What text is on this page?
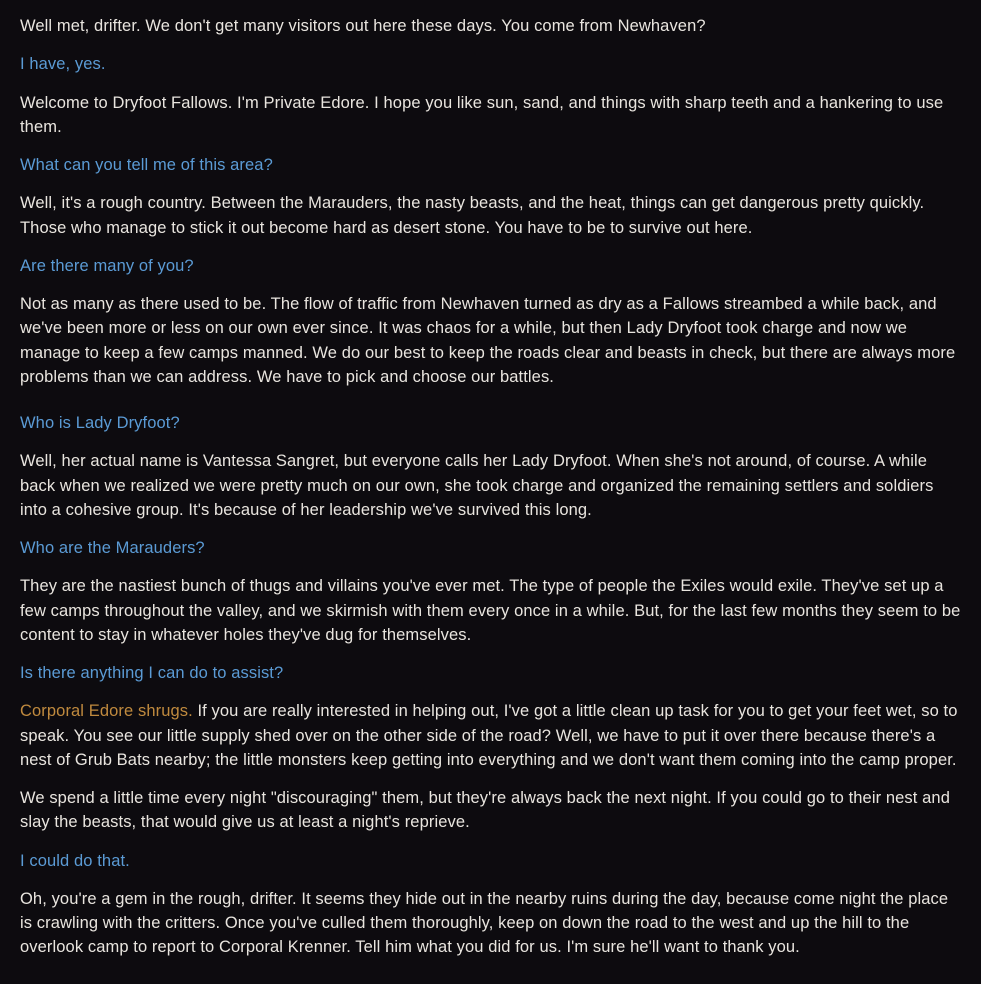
Well met, drifter. We don't get many visitors out here these days. You come from Newhaven?

I have, yes.

Welcome to Dryfoot Fallows. I'm Private Edore. I hope you like sun, sand, and things with sharp teeth and a hankering to use them.

What can you tell me of this area?

Well, it's a rough country. Between the Marauders, the nasty beasts, and the heat, things can get dangerous pretty quickly. Those who manage to stick it out become hard as desert stone. You have to be to survive out here.

Are there many of you?

Not as many as there used to be. The flow of traffic from Newhaven turned as dry as a Fallows streambed a while back, and we've been more or less on our own ever since. It was chaos for a while, but then Lady Dryfoot took charge and now we manage to keep a few camps manned. We do our best to keep the roads clear and beasts in check, but there are always more problems than we can address. We have to pick and choose our battles.

Who is Lady Dryfoot?

Well, her actual name is Vantessa Sangret, but everyone calls her Lady Dryfoot. When she's not around, of course. A while back when we realized we were pretty much on our own, she took charge and organized the remaining settlers and soldiers into a cohesive group. It's because of her leadership we've survived this long.

Who are the Marauders?

They are the nastiest bunch of thugs and villains you've ever met. The type of people the Exiles would exile. They've set up a few camps throughout the valley, and we skirmish with them every once in a while. But, for the last few months they seem to be content to stay in whatever holes they've dug for themselves.

Is there anything I can do to assist?

Corporal Edore shrugs. If you are really interested in helping out, I've got a little clean up task for you to get your feet wet, so to speak. You see our little supply shed over on the other side of the road? Well, we have to put it over there because there's a nest of Grub Bats nearby; the little monsters keep getting into everything and we don't want them coming into the camp proper.

We spend a little time every night "discouraging" them, but they're always back the next night. If you could go to their nest and slay the beasts, that would give us at least a night's reprieve.

I could do that.

Oh, you're a gem in the rough, drifter. It seems they hide out in the nearby ruins during the day, because come night the place is crawling with the critters. Once you've culled them thoroughly, keep on down the road to the west and up the hill to the overlook camp to report to Corporal Krenner. Tell him what you did for us. I'm sure he'll want to thank you.
